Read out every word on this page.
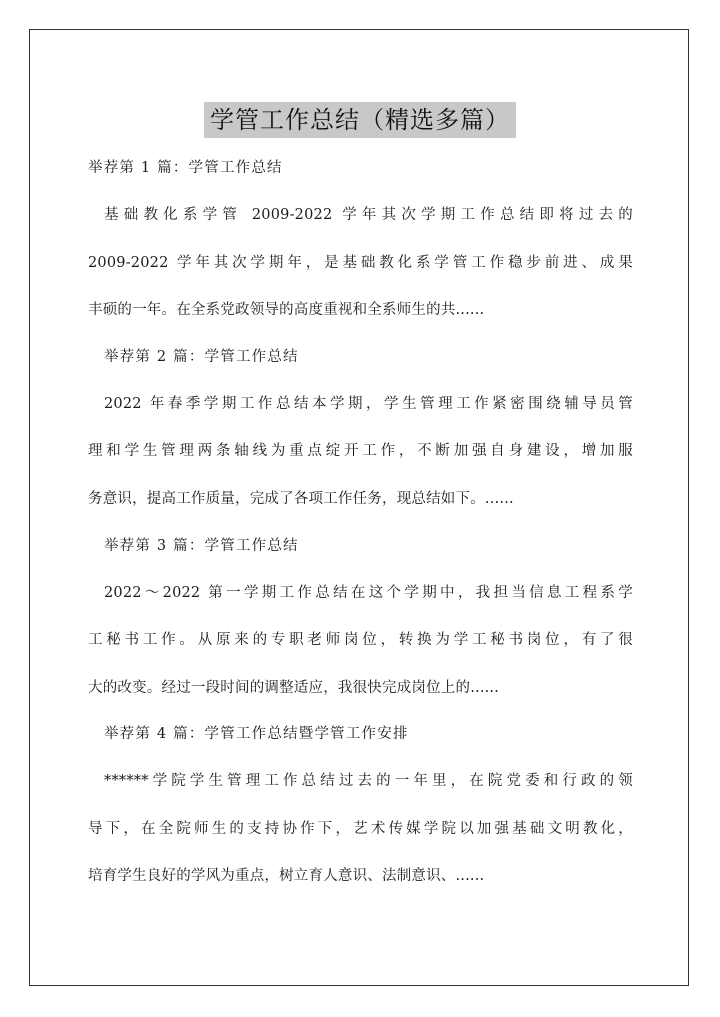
学管工作总结（精选多篇）
举荐第 1 篇：学管工作总结
基础教化系学管 2009-2022 学年其次学期工作总结即将过去的
2009-2022 学年其次学期年，是基础教化系学管工作稳步前进、成果
丰硕的一年。在全系党政领导的高度重视和全系师生的共......
举荐第 2 篇：学管工作总结
2022 年春季学期工作总结本学期，学生管理工作紧密围绕辅导员管
理和学生管理两条轴线为重点绽开工作，不断加强自身建设，增加服
务意识，提高工作质量，完成了各项工作任务，现总结如下。......
举荐第 3 篇：学管工作总结
2022～2022 第一学期工作总结在这个学期中，我担当信息工程系学
工秘书工作。从原来的专职老师岗位，转换为学工秘书岗位，有了很
大的改变。经过一段时间的调整适应，我很快完成岗位上的......
举荐第 4 篇：学管工作总结暨学管工作安排
******学院学生管理工作总结过去的一年里，在院党委和行政的领
导下，在全院师生的支持协作下，艺术传媒学院以加强基础文明教化，
培育学生良好的学风为重点，树立育人意识、法制意识、......
